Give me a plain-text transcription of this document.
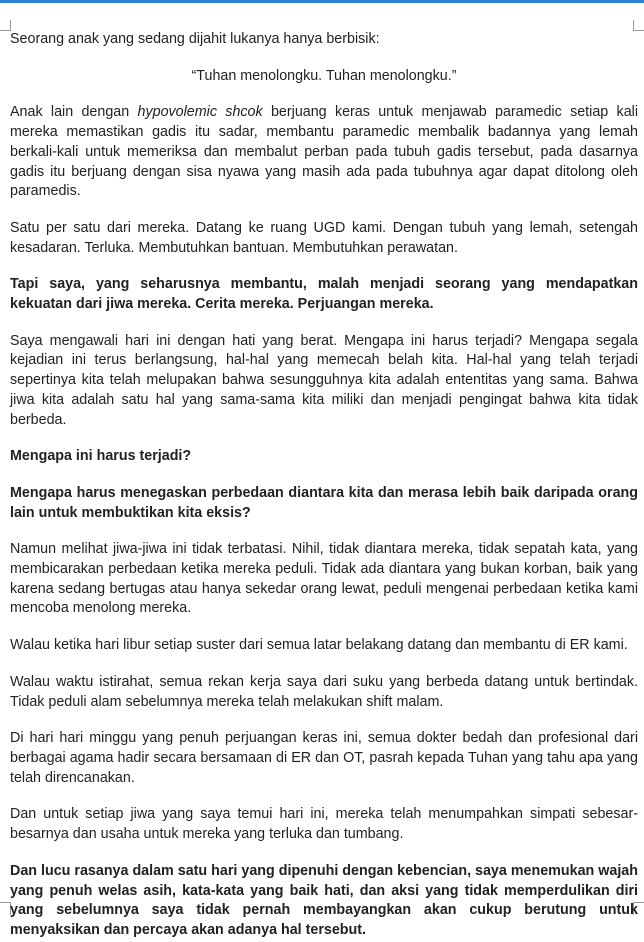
Seorang anak yang sedang dijahit lukanya hanya berbisik:

“Tuhan menolongku. Tuhan menolongku.”

Anak lain dengan hypovolemic shcok berjuang keras untuk menjawab paramedic setiap kali mereka memastikan gadis itu sadar, membantu paramedic membalik badannya yang lemah berkali-kali untuk memeriksa dan membalut perban pada tubuh gadis tersebut, pada dasarnya gadis itu berjuang dengan sisa nyawa yang masih ada pada tubuhnya agar dapat ditolong oleh paramedis.

Satu per satu dari mereka. Datang ke ruang UGD kami. Dengan tubuh yang lemah, setengah kesadaran. Terluka. Membutuhkan bantuan. Membutuhkan perawatan.

Tapi saya, yang seharusnya membantu, malah menjadi seorang yang mendapatkan kekuatan dari jiwa mereka. Cerita mereka. Perjuangan mereka.

Saya mengawali hari ini dengan hati yang berat. Mengapa ini harus terjadi? Mengapa segala kejadian ini terus berlangsung, hal-hal yang memecah belah kita. Hal-hal yang telah terjadi sepertinya kita telah melupakan bahwa sesungguhnya kita adalah ententitas yang sama. Bahwa jiwa kita adalah satu hal yang sama-sama kita miliki dan menjadi pengingat bahwa kita tidak berbeda.

Mengapa ini harus terjadi?

Mengapa harus menegaskan perbedaan diantara kita dan merasa lebih baik daripada orang lain untuk membuktikan kita eksis?

Namun melihat jiwa-jiwa ini tidak terbatasi. Nihil, tidak diantara mereka, tidak sepatah kata, yang membicarakan perbedaan ketika mereka peduli. Tidak ada diantara yang bukan korban, baik yang karena sedang bertugas atau hanya sekedar orang lewat, peduli mengenai perbedaan ketika kami mencoba menolong mereka.

Walau ketika hari libur setiap suster dari semua latar belakang datang dan membantu di ER kami.

Walau waktu istirahat, semua rekan kerja saya dari suku yang berbeda datang untuk bertindak. Tidak peduli alam sebelumnya mereka telah melakukan shift malam.

Di hari hari minggu yang penuh perjuangan keras ini, semua dokter bedah dan profesional dari berbagai agama hadir secara bersamaan di ER dan OT, pasrah kepada Tuhan yang tahu apa yang telah direncanakan.

Dan untuk setiap jiwa yang saya temui hari ini, mereka telah menumpahkan simpati sebesar-besarnya dan usaha untuk mereka yang terluka dan tumbang.

Dan lucu rasanya dalam satu hari yang dipenuhi dengan kebencian, saya menemukan wajah yang penuh welas asih, kata-kata yang baik hati, dan aksi yang tidak memperdulikan diri yang sebelumnya saya tidak pernah membayangkan akan cukup berutung untuk menyaksikan dan percaya akan adanya hal tersebut.
